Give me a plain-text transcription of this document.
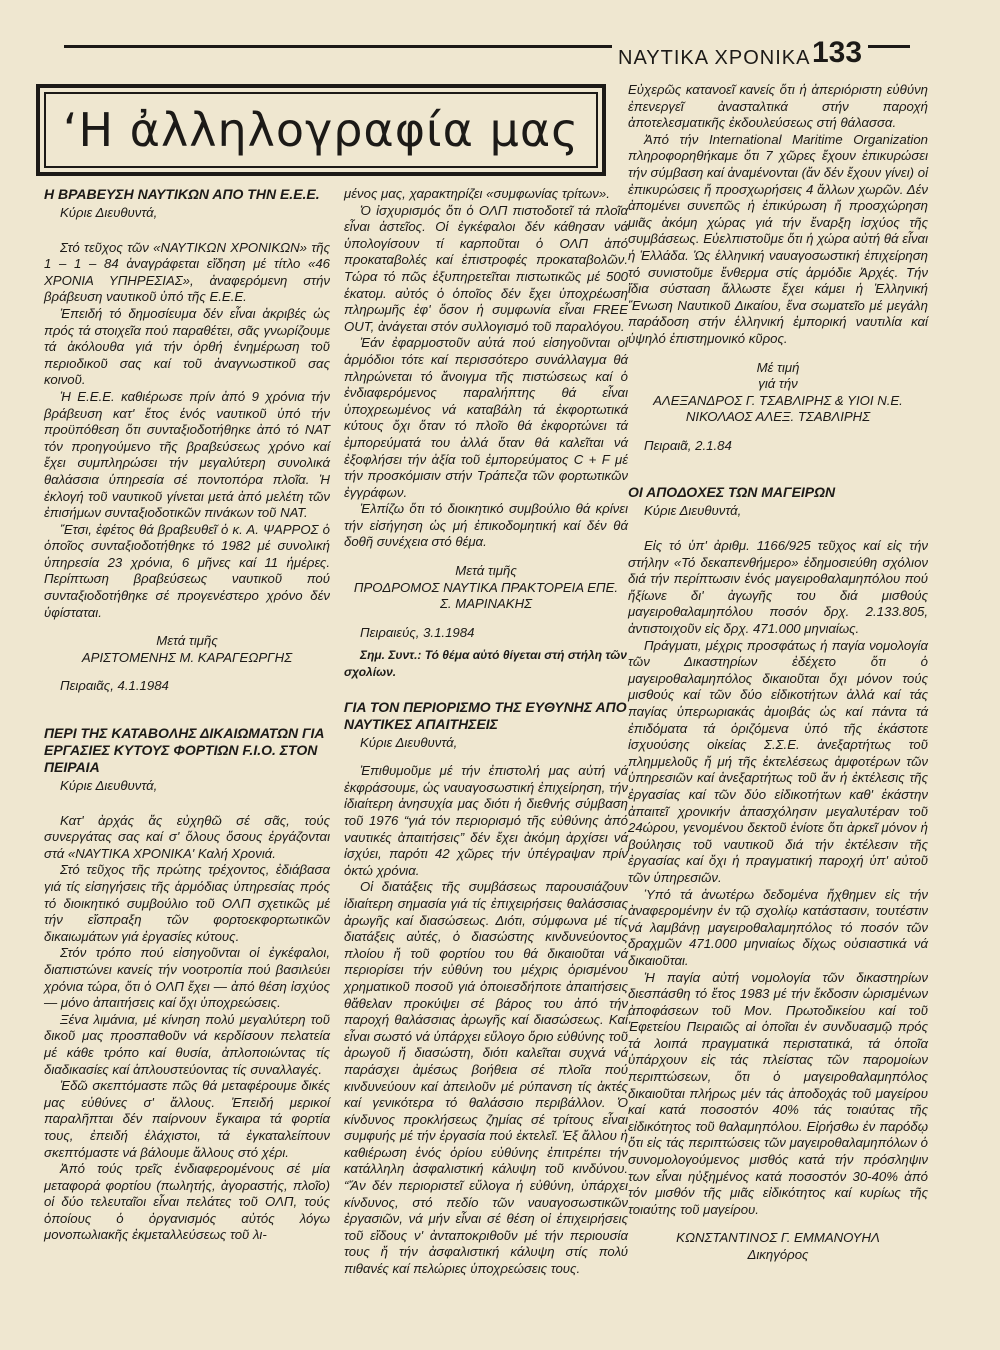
ΝΑΥΤΙΚΑ ΧΡΟΝΙΚΑ 133
‘Η ἀλληλογραφία μας

Η ΒΡΑΒΕΥΣΗ ΝΑΥΤΙΚΩΝ ΑΠΟ ΤΗΝ Ε.Ε.Ε.

Κύριε Διευθυντά,

Στό τεῦχος τῶν «ΝΑΥΤΙΚΩΝ ΧΡΟΝΙΚΩΝ» τῆς 1 – 1 – 84 ἀναγράφεται εἴδηση μέ τίτλο «46 ΧΡΟΝΙΑ ΥΠΗΡΕΣΙΑΣ», ἀναφερόμενη στήν βράβευση ναυτικοῦ ὑπό τῆς Ε.Ε.Ε.

Ἐπειδή τό δημοσίευμα δέν εἶναι ἀκριβές ὡς πρός τά στοιχεῖα πού παραθέτει, σᾶς γνωρίζουμε τά ἀκόλουθα γιά τήν ὀρθή ἐνημέρωση τοῦ περιοδικοῦ σας καί τοῦ ἀναγνωστικοῦ σας κοινοῦ.

Ἡ Ε.Ε.Ε. καθιέρωσε πρίν ἀπό 9 χρόνια τήν βράβευση κατ' ἔτος ἑνός ναυτικοῦ ὑπό τήν προϋπόθεση ὅτι συνταξιοδοτήθηκε ἀπό τό ΝΑΤ τόν προηγούμενο τῆς βραβεύσεως χρόνο καί ἔχει συμπληρώσει τήν μεγαλύτερη συνολικά θαλάσσια ὑπηρεσία σέ ποντοπόρα πλοῖα. Ἡ ἐκλογή τοῦ ναυτικοῦ γίνεται μετά ἀπό μελέτη τῶν ἐπισήμων συνταξιοδοτικῶν πινάκων τοῦ ΝΑΤ.

Ἔτσι, ἐφέτος θά βραβευθεῖ ὁ κ. Α. ΨΑΡΡΟΣ ὁ ὁποῖος συνταξιοδοτήθηκε τό 1982 μέ συνολική ὑπηρεσία 23 χρόνια, 6 μῆνες καί 11 ἡμέρες. Περίπτωση βραβεύσεως ναυτικοῦ πού συνταξιοδοτήθηκε σέ προγενέστερο χρόνο δέν ὑφίσταται.

Μετά τιμῆς

ΑΡΙΣΤΟΜΕΝΗΣ Μ. ΚΑΡΑΓΕΩΡΓΗΣ

Πειραιᾶς, 4.1.1984

ΠΕΡΙ ΤΗΣ ΚΑΤΑΒΟΛΗΣ ΔΙΚΑΙΩΜΑΤΩΝ ΓΙΑ ΕΡΓΑΣΙΕΣ ΚΥΤΟΥΣ ΦΟΡΤΙΩΝ F.I.O. ΣΤΟΝ ΠΕΙΡΑΙΑ

Κύριε Διευθυντά,

Κατ' ἀρχάς ἄς εὐχηθῶ σέ σᾶς, τούς συνεργάτας σας καί σ' ὅλους ὅσους ἐργάζονται στά «ΝΑΥΤΙΚΑ ΧΡΟΝΙΚΑ' Καλή Χρονιά.

Στό τεῦχος τῆς πρώτης τρέχοντος, ἐδιάβασα γιά τίς εἰσηγήσεις τῆς ἁρμόδιας ὑπηρεσίας πρός τό διοικητικό συμβούλιο τοῦ ΟΛΠ σχετικῶς μέ τήν εἴσπραξη τῶν φορτοεκφορτωτικῶν δικαιωμάτων γιά ἐργασίες κύτους.

Στόν τρόπο πού εἰσηγοῦνται οἱ ἐγκέφαλοι, διαπιστώνει κανείς τήν νοοτροπία πού βασιλεύει χρόνια τώρα, ὅτι ὁ ΟΛΠ ἔχει — ἀπό θέση ἰσχύος — μόνο ἀπαιτήσεις καί ὄχι ὑποχρεώσεις.

Ξένα λιμάνια, μέ κίνηση πολύ μεγαλύτερη τοῦ δικοῦ μας προσπαθοῦν νά κερδίσουν πελατεία μέ κάθε τρόπο καί θυσία, ἀπλοποιώντας τίς διαδικασίες καί ἁπλουστεύοντας τίς συναλλαγές.

Ἐδῶ σκεπτόμαστε πῶς θά μεταφέρουμε δικές μας εὐθύνες σ' ἄλλους. Ἐπειδή μερικοί παραλῆπται δέν παίρνουν ἔγκαιρα τά φορτία τους, ἐπειδή ἐλάχιστοι, τά ἐγκαταλείπουν σκεπτόμαστε νά βάλουμε ἄλλους στό χέρι.

Ἀπό τούς τρεῖς ἐνδιαφερομένους σέ μία μεταφορά φορτίου (πωλητής, ἀγοραστής, πλοῖο) οἱ δύο τελευταῖοι εἶναι πελάτες τοῦ ΟΛΠ, τούς ὁποίους ὁ ὀργανισμός αὐτός λόγω μονοπωλιακῆς ἐκμεταλλεύσεως τοῦ λι-

μένος μας, χαρακτηρίζει «συμφωνίας τρίτων».

Ὁ ἰσχυρισμός ὅτι ὁ ΟΛΠ πιστοδοτεῖ τά πλοῖα εἶναι ἀστεῖος. Οἱ ἐγκέφαλοι δέν κάθησαν νά ὑπολογίσουν τί καρποῦται ὁ ΟΛΠ ἀπό προκαταβολές καί ἐπιστροφές προκαταβολῶν. Τώρα τό πῶς ἐξυπηρετεῖται πιστωτικῶς μέ 500 ἑκατομ. αὐτός ὁ ὁποῖος δέν ἔχει ὑποχρέωση πληρωμῆς ἐφ' ὅσον ἡ συμφωνία εἶναι FREE OUT, ἀνάγεται στόν συλλογισμό τοῦ παραλόγου.

Ἐάν ἐφαρμοστοῦν αὐτά πού εἰσηγοῦνται οἱ ἁρμόδιοι τότε καί περισσότερο συνάλλαγμα θά πληρώνεται τό ἄνοιγμα τῆς πιστώσεως καί ὁ ἐνδιαφερόμενος παραλήπτης θά εἶναι ὑποχρεωμένος νά καταβάλη τά ἐκφορτωτικά κύτους ὄχι ὅταν τό πλοῖο θά ἐκφορτώνει τά ἐμπορεύματά του ἀλλά ὅταν θά καλεῖται νά ἐξοφλήσει τήν ἀξία τοῦ ἐμπορεύματος C + F μέ τήν προσκόμισιν στήν Τράπεζα τῶν φορτωτικῶν ἐγγράφων.

Ἐλπίζω ὅτι τό διοικητικό συμβούλιο θά κρίνει τήν εἰσήγηση ὡς μή ἐπικοδομητική καί δέν θά δοθῆ συνέχεια στό θέμα.

Μετά τιμῆς

ΠΡΟΔΡΟΜΟΣ ΝΑΥΤΙΚΑ ΠΡΑΚΤΟΡΕΙΑ ΕΠΕ.

Σ. ΜΑΡΙΝΑΚΗΣ

Πειραιεύς, 3.1.1984

Σημ. Συντ.: Τό θέμα αὐτό θίγεται στή στήλη τῶν σχολίων.

ΓΙΑ ΤΟΝ ΠΕΡΙΟΡΙΣΜΟ ΤΗΣ ΕΥΘΥΝΗΣ ΑΠΟ ΝΑΥΤΙΚΕΣ ΑΠΑΙΤΗΣΕΙΣ

Κύριε Διευθυντά,

Ἐπιθυμοῦμε μέ τήν ἐπιστολή μας αὐτή νά ἐκφράσουμε, ὡς ναυαγοσωστική ἐπιχείρηση, τήν ἰδιαίτερη ἀνησυχία μας διότι ἡ διεθνής σύμβαση τοῦ 1976 “γιά τόν περιορισμό τῆς εὐθύνης ἀπό ναυτικές ἀπαιτήσεις” δέν ἔχει ἀκόμη ἀρχίσει νά ἰσχύει, παρότι 42 χῶρες τήν ὑπέγραψαν πρίν ὀκτώ χρόνια.

Οἱ διατάξεις τῆς συμβάσεως παρουσιάζουν ἰδιαίτερη σημασία γιά τίς ἐπιχειρήσεις θαλάσσιας ἀρωγῆς καί διασώσεως. Διότι, σύμφωνα μέ τίς διατάξεις αὐτές, ὁ διασώστης κινδυνεύοντος πλοίου ἤ τοῦ φορτίου του θά δικαιοῦται νά περιορίσει τήν εὐθύνη του μέχρις ὁρισμένου χρηματικοῦ ποσοῦ γιά ὁποιεσδήποτε ἀπαιτήσεις θἄθελαν προκύψει σέ βάρος του ἀπό τήν παροχή θαλάσσιας ἀρωγῆς καί διασώσεως. Καί εἶναι σωστό νά ὑπάρχει εὔλογο ὅριο εὐθύνης τοῦ ἀρωγοῦ ἤ διασώστη, διότι καλεῖται συχνά νά παράσχει ἀμέσως βοήθεια σέ πλοῖα πού κινδυνεύουν καί ἀπειλοῦν μέ ρύπανση τίς ἀκτές καί γενικότερα τό θαλάσσιο περιβάλλον. Ὁ κίνδυνος προκλήσεως ζημίας σέ τρίτους εἶναι συμφυής μέ τήν ἐργασία πού ἐκτελεῖ. Ἐξ ἄλλου ἡ καθιέρωση ἑνός ὁρίου εὐθύνης ἐπιτρέπει τήν κατάλληλη ἀσφαλιστική κάλυψη τοῦ κινδύνου. “Ἄν δέν περιοριστεῖ εὔλογα ἡ εὐθύνη, ὑπάρχει κίνδυνος, στό πεδίο τῶν ναυαγοσωστικῶν ἐργασιῶν, νά μήν εἶναι σέ θέση οἱ ἐπιχειρήσεις τοῦ εἴδους ν' ἀνταποκριθοῦν μέ τήν περιουσία τους ἤ τήν ἀσφαλιστική κάλυψη στίς πολύ πιθανές καί πελώριες ὑποχρεώσεις τους.

Εὐχερῶς κατανοεῖ κανείς ὅτι ἡ ἀπεριόριστη εὐθύνη ἐπενεργεῖ ἀνασταλτικά στήν παροχή ἀποτελεσματικῆς ἐκδουλεύσεως στή θάλασσα.

Ἀπό τήν International Maritime Organization πληροφορηθήκαμε ὅτι 7 χῶρες ἔχουν ἐπικυρώσει τήν σύμβαση καί ἀναμένονται (ἄν δέν ἔχουν γίνει) οἱ ἐπικυρώσεις ἤ προσχωρήσεις 4 ἄλλων χωρῶν. Δέν ἀπομένει συνεπῶς ἡ ἐπικύρωση ἤ προσχώρηση μιᾶς ἀκόμη χώρας γιά τήν ἔναρξη ἰσχύος τῆς συμβάσεως. Εὐελπιστοῦμε ὅτι ἡ χώρα αὐτή θά εἶναι ἡ Ἑλλάδα. Ὡς ἑλληνική ναυαγοσωστική ἐπιχείρηση τό συνιστοῦμε ἔνθερμα στίς ἁρμόδιε Ἀρχές. Τήν ἴδια σύσταση ἄλλωστε ἔχει κάμει ἡ Ἑλληνική Ἕνωση Ναυτικοῦ Δικαίου, ἕνα σωματεῖο μέ μεγάλη παράδοση στήν ἑλληνική ἐμπορική ναυτιλία καί ὑψηλό ἐπιστημονικό κῦρος.

Μέ τιμή

γιά τήν

ΑΛΕΞΑΝΔΡΟΣ Γ. ΤΣΑΒΛΙΡΗΣ & ΥΙΟΙ Ν.Ε.

ΝΙΚΟΛΑΟΣ ΑΛΕΞ. ΤΣΑΒΛΙΡΗΣ

Πειραιᾶ, 2.1.84

ΟΙ ΑΠΟΔΟΧΕΣ ΤΩΝ ΜΑΓΕΙΡΩΝ

Κύριε Διευθυντά,

Εἰς τό ὑπ' ἀριθμ. 1166/925 τεῦχος καί εἰς τήν στήλην «Τό δεκαπενθήμερο» ἐδημοσιεύθη σχόλιον διά τήν περίπτωσιν ἑνός μαγειροθαλαμηπόλου πού ἤξίωνε δι' ἀγωγῆς του διά μισθούς μαγειροθαλαμηπόλου ποσόν δρχ. 2.133.805, ἀντιστοιχοῦν εἰς δρχ. 471.000 μηνιαίως.

Πράγματι, μέχρις προσφάτως ἡ παγία νομολογία τῶν Δικαστηρίων ἐδέχετο ὅτι ὁ μαγειροθαλαμηπόλος δικαιοῦται ὄχι μόνον τούς μισθούς καί τῶν δύο εἰδικοτήτων ἀλλά καί τάς παγίας ὑπερωριακάς ἀμοιβάς ὡς καί πάντα τά ἐπιδόματα τά ὁριζόμενα ὑπό τῆς ἑκάστοτε ἰσχυούσης οἰκείας Σ.Σ.Ε. ἀνεξαρτήτως τοῦ πλημμελοῦς ἤ μή τῆς ἐκτελέσεως ἀμφοτέρων τῶν ὑπηρεσιῶν καί ἀνεξαρτήτως τοῦ ἄν ἡ ἐκτέλεσις τῆς ἐργασίας καί τῶν δύο εἰδικοτήτων καθ' ἑκάστην ἀπαιτεῖ χρονικήν ἀπασχόλησιν μεγαλυτέραν τοῦ 24ώρου, γενομένου δεκτοῦ ἐνίοτε ὅτι ἀρκεῖ μόνον ἡ βούλησις τοῦ ναυτικοῦ διά τήν ἐκτέλεσιν τῆς ἐργασίας καί ὄχι ἡ πραγματική παροχή ὑπ' αὐτοῦ τῶν ὑπηρεσιῶν.

Ὑπό τά ἀνωτέρω δεδομένα ἤχθημεν εἰς τήν ἀναφερομένην ἐν τῷ σχολίῳ κατάστασιν, τουτέστιν νά λαμβάνῃ μαγειροθαλαμηπόλος τό ποσόν τῶν δραχμῶν 471.000 μηνιαίως δίχως οὐσιαστικά νά δικαιοῦται.

Ἡ παγία αὐτή νομολογία τῶν δικαστηρίων διεσπάσθη τό ἔτος 1983 μέ τήν ἔκδοσιν ὡρισμένων ἀποφάσεων τοῦ Μον. Πρωτοδικείου καί τοῦ Ἐφετείου Πειραιῶς αἱ ὁποῖαι ἐν συνδυασμῷ πρός τά λοιπά πραγματικά περιστατικά, τά ὁποῖα ὑπάρχουν εἰς τάς πλείστας τῶν παρομοίων περιπτώσεων, ὅτι ὁ μαγειροθαλαμηπόλος δικαιοῦται πλήρως μέν τάς ἀποδοχάς τοῦ μαγείρου καί κατά ποσοστόν 40% τάς τοιαύτας τῆς εἰδικότητος τοῦ θαλαμηπόλου. Εἰρήσθω ἐν παρόδῳ ὅτι εἰς τάς περιπτώσεις τῶν μαγειροθαλαμηπόλων ὁ συνομολογούμενος μισθός κατά τήν πρόσληψιν των εἶναι ηὐξημένος κατά ποσοστόν 30-40% ἀπό τόν μισθόν τῆς μιᾶς εἰδικότητος καί κυρίως τῆς τοιαύτης τοῦ μαγείρου.

ΚΩΝΣΤΑΝΤΙΝΟΣ Γ. ΕΜΜΑΝΟΥΗΛ

Δικηγόρος
